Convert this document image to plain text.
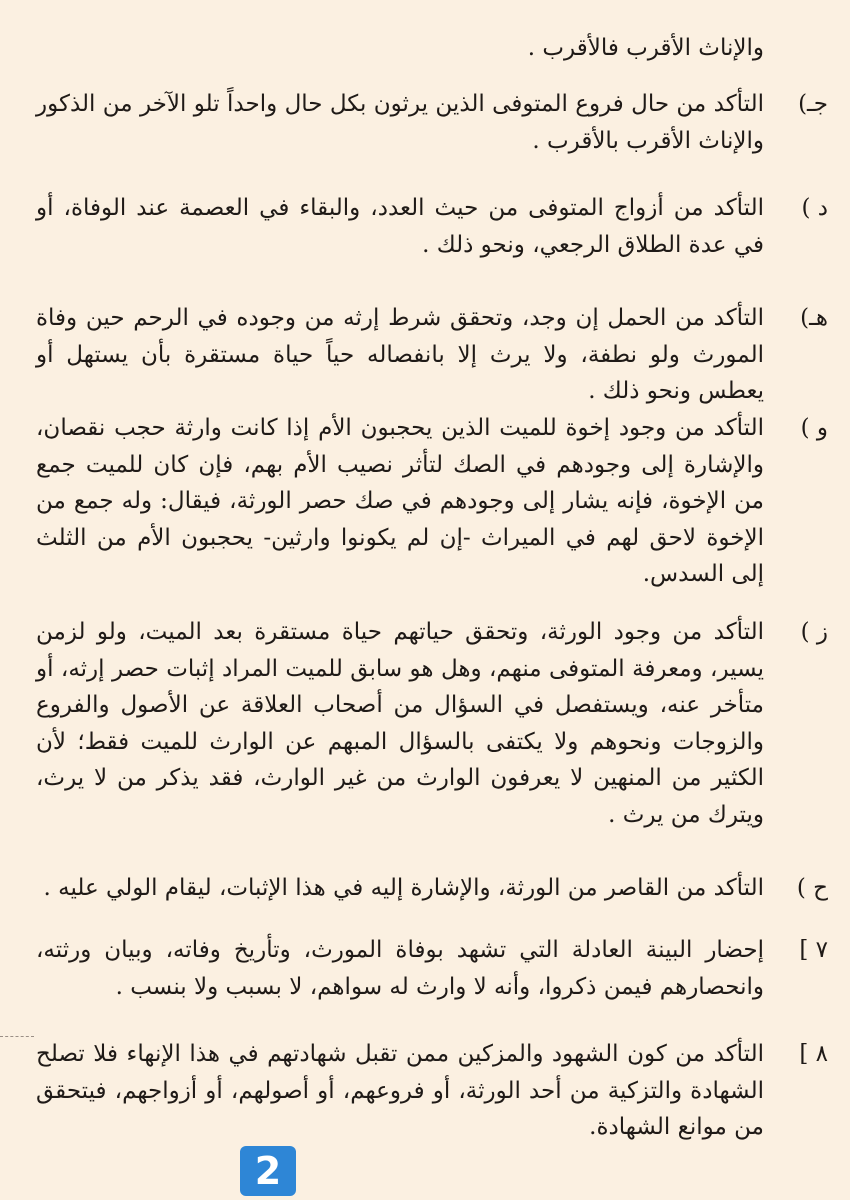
والإناث الأقرب فالأقرب .
جـ)
التأكد من حال فروع المتوفى الذين يرثون بكل حال واحداً تلو الآخر من الذكور والإناث الأقرب بالأقرب .
د )
التأكد من أزواج المتوفى من حيث العدد، والبقاء في العصمة عند الوفاة، أو في عدة الطلاق الرجعي، ونحو ذلك .
هـ)
التأكد من الحمل إن وجد، وتحقق شرط إرثه من وجوده في الرحم حين وفاة المورث ولو نطفة، ولا يرث إلا بانفصاله حياً حياة مستقرة بأن يستهل أو يعطس ونحو ذلك .
و )
التأكد من وجود إخوة للميت الذين يحجبون الأم إذا كانت وارثة حجب نقصان، والإشارة إلى وجودهم في الصك لتأثر نصيب الأم بهم، فإن كان للميت جمع من الإخوة، فإنه يشار إلى وجودهم في صك حصر الورثة، فيقال: وله جمع من الإخوة لاحق لهم في الميراث -إن لم يكونوا وارثين- يحجبون الأم من الثلث إلى السدس.
ز )
التأكد من وجود الورثة، وتحقق حياتهم حياة مستقرة بعد الميت، ولو لزمن يسير، ومعرفة المتوفى منهم، وهل هو سابق للميت المراد إثبات حصر إرثه، أو متأخر عنه، ويستفصل في السؤال من أصحاب العلاقة عن الأصول والفروع والزوجات ونحوهم ولا يكتفى بالسؤال المبهم عن الوارث للميت فقط؛ لأن الكثير من المنهين لا يعرفون الوارث من غير الوارث، فقد يذكر من لا يرث، ويترك من يرث .
ح )
التأكد من القاصر من الورثة، والإشارة إليه في هذا الإثبات، ليقام الولي عليه .
٧ ]
إحضار البينة العادلة التي تشهد بوفاة المورث، وتأريخ وفاته، وبيان ورثته، وانحصارهم فيمن ذكروا، وأنه لا وارث له سواهم، لا بسبب ولا بنسب .
٨ ]
التأكد من كون الشهود والمزكين ممن تقبل شهادتهم في هذا الإنهاء فلا تصلح الشهادة والتزكية من أحد الورثة، أو فروعهم، أو أصولهم، أو أزواجهم، فيتحقق من موانع الشهادة.
2
